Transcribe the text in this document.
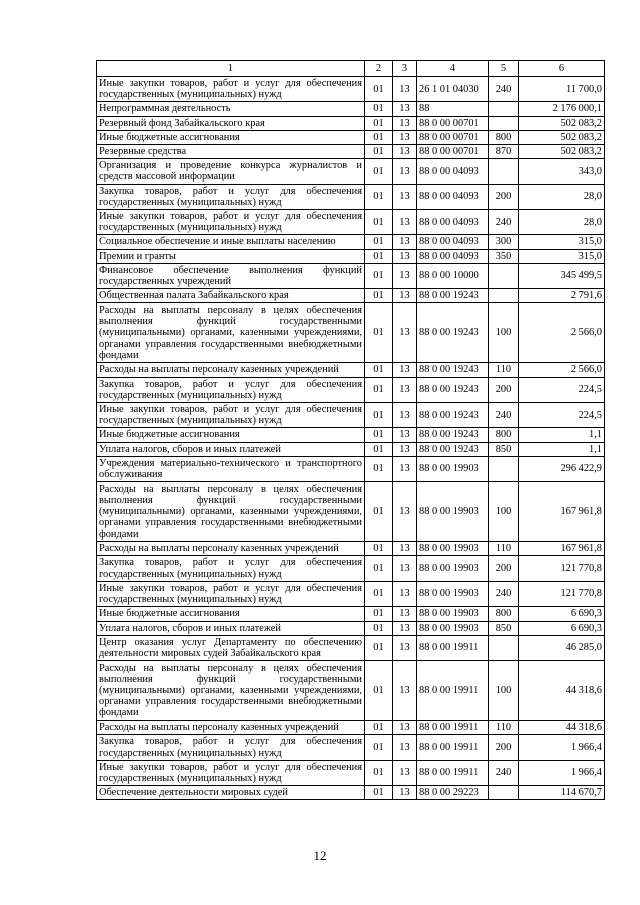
1	2	3	4	5	6
Иные закупки товаров, работ и услуг для обеспечения государственных (муниципальных) нужд	01	13	26 1 01 04030	240	11 700,0
Непрограммная деятельность	01	13	88		2 176 000,1
Резервный фонд Забайкальского края	01	13	88 0 00 00701		502 083,2
Иные бюджетные ассигнования	01	13	88 0 00 00701	800	502 083,2
Резервные средства	01	13	88 0 00 00701	870	502 083,2
Организация и проведение конкурса журналистов и средств массовой информации	01	13	88 0 00 04093		343,0
Закупка товаров, работ и услуг для обеспечения государственных (муниципальных) нужд	01	13	88 0 00 04093	200	28,0
Иные закупки товаров, работ и услуг для обеспечения государственных (муниципальных) нужд	01	13	88 0 00 04093	240	28,0
Социальное обеспечение и иные выплаты населению	01	13	88 0 00 04093	300	315,0
Премии и гранты	01	13	88 0 00 04093	350	315,0
Финансовое обеспечение выполнения функций государственных учреждений	01	13	88 0 00 10000		345 499,5
Общественная палата Забайкальского края	01	13	88 0 00 19243		2 791,6
Расходы на выплаты персоналу в целях обеспечения выполнения функций государственными (муниципальными) органами, казенными учреждениями, органами управления государственными внебюджетными фондами	01	13	88 0 00 19243	100	2 566,0
Расходы на выплаты персоналу казенных учреждений	01	13	88 0 00 19243	110	2 566,0
Закупка товаров, работ и услуг для обеспечения государственных (муниципальных) нужд	01	13	88 0 00 19243	200	224,5
Иные закупки товаров, работ и услуг для обеспечения государственных (муниципальных) нужд	01	13	88 0 00 19243	240	224,5
Иные бюджетные ассигнования	01	13	88 0 00 19243	800	1,1
Уплата налогов, сборов и иных платежей	01	13	88 0 00 19243	850	1,1
Учреждения материально-технического и транспортного обслуживания	01	13	88 0 00 19903		296 422,9
Расходы на выплаты персоналу в целях обеспечения выполнения функций государственными (муниципальными) органами, казенными учреждениями, органами управления государственными внебюджетными фондами	01	13	88 0 00 19903	100	167 961,8
Расходы на выплаты персоналу казенных учреждений	01	13	88 0 00 19903	110	167 961,8
Закупка товаров, работ и услуг для обеспечения государственных (муниципальных) нужд	01	13	88 0 00 19903	200	121 770,8
Иные закупки товаров, работ и услуг для обеспечения государственных (муниципальных) нужд	01	13	88 0 00 19903	240	121 770,8
Иные бюджетные ассигнования	01	13	88 0 00 19903	800	6 690,3
Уплата налогов, сборов и иных платежей	01	13	88 0 00 19903	850	6 690,3
Центр оказания услуг Департаменту по обеспечению деятельности мировых судей Забайкальского края	01	13	88 0 00 19911		46 285,0
Расходы на выплаты персоналу в целях обеспечения выполнения функций государственными (муниципальными) органами, казенными учреждениями, органами управления государственными внебюджетными фондами	01	13	88 0 00 19911	100	44 318,6
Расходы на выплаты персоналу казенных учреждений	01	13	88 0 00 19911	110	44 318,6
Закупка товаров, работ и услуг для обеспечения государственных (муниципальных) нужд	01	13	88 0 00 19911	200	1 966,4
Иные закупки товаров, работ и услуг для обеспечения государственных (муниципальных) нужд	01	13	88 0 00 19911	240	1 966,4
Обеспечение деятельности мировых судей	01	13	88 0 00 29223		114 670,7
12
